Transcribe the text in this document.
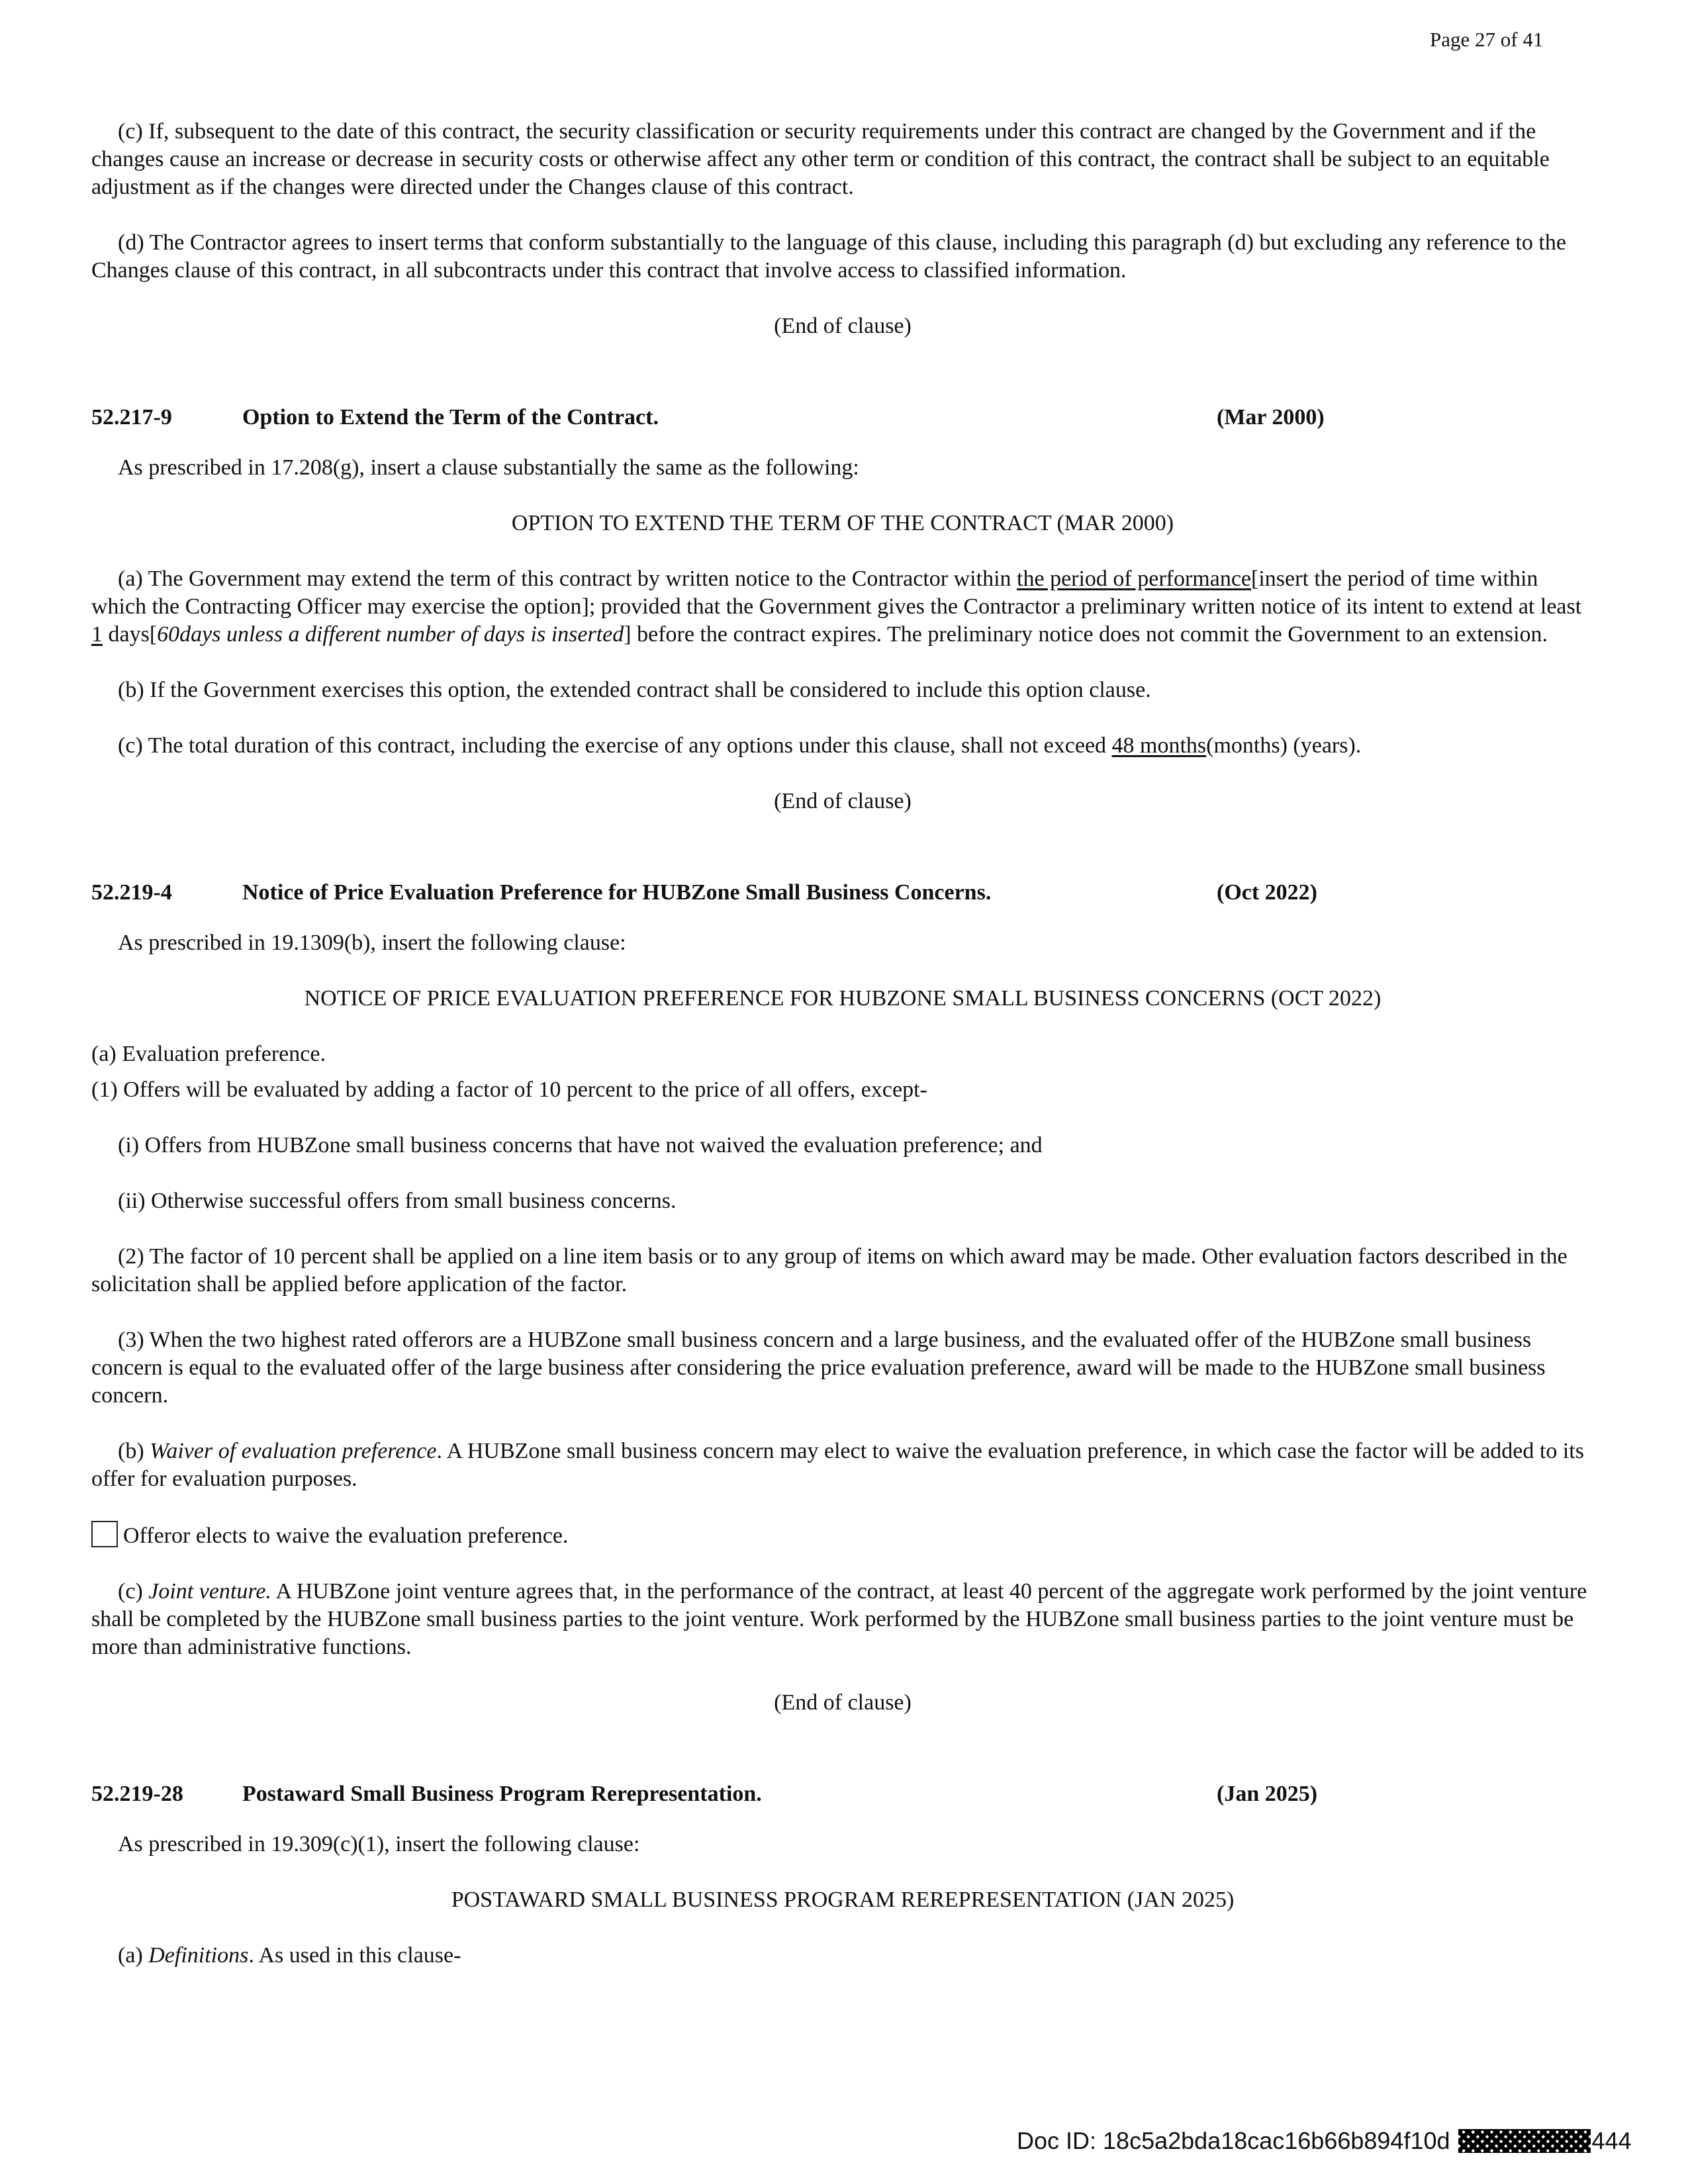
Page 27 of 41

(c) If, subsequent to the date of this contract, the security classification or security requirements under this contract are changed by the Government and if the changes cause an increase or decrease in security costs or otherwise affect any other term or condition of this contract, the contract shall be subject to an equitable adjustment as if the changes were directed under the Changes clause of this contract.

(d) The Contractor agrees to insert terms that conform substantially to the language of this clause, including this paragraph (d) but excluding any reference to the Changes clause of this contract, in all subcontracts under this contract that involve access to classified information.

(End of clause)

52.217-9	Option to Extend the Term of the Contract.	(Mar 2000)

As prescribed in 17.208(g), insert a clause substantially the same as the following:

OPTION TO EXTEND THE TERM OF THE CONTRACT (MAR 2000)

(a) The Government may extend the term of this contract by written notice to the Contractor within the period of performance[insert the period of time within which the Contracting Officer may exercise the option]; provided that the Government gives the Contractor a preliminary written notice of its intent to extend at least 1 days[60days unless a different number of days is inserted] before the contract expires. The preliminary notice does not commit the Government to an extension.

(b) If the Government exercises this option, the extended contract shall be considered to include this option clause.

(c) The total duration of this contract, including the exercise of any options under this clause, shall not exceed 48 months(months) (years).

(End of clause)

52.219-4	Notice of Price Evaluation Preference for HUBZone Small Business Concerns.	(Oct 2022)

As prescribed in 19.1309(b), insert the following clause:

NOTICE OF PRICE EVALUATION PREFERENCE FOR HUBZONE SMALL BUSINESS CONCERNS (OCT 2022)

(a) Evaluation preference.

(1) Offers will be evaluated by adding a factor of 10 percent to the price of all offers, except-

(i) Offers from HUBZone small business concerns that have not waived the evaluation preference; and

(ii) Otherwise successful offers from small business concerns.

(2) The factor of 10 percent shall be applied on a line item basis or to any group of items on which award may be made. Other evaluation factors described in the solicitation shall be applied before application of the factor.

(3) When the two highest rated offerors are a HUBZone small business concern and a large business, and the evaluated offer of the HUBZone small business concern is equal to the evaluated offer of the large business after considering the price evaluation preference, award will be made to the HUBZone small business concern.

(b) Waiver of evaluation preference. A HUBZone small business concern may elect to waive the evaluation preference, in which case the factor will be added to its offer for evaluation purposes.

Offeror elects to waive the evaluation preference.

(c) Joint venture. A HUBZone joint venture agrees that, in the performance of the contract, at least 40 percent of the aggregate work performed by the joint venture shall be completed by the HUBZone small business parties to the joint venture. Work performed by the HUBZone small business parties to the joint venture must be more than administrative functions.

(End of clause)

52.219-28	Postaward Small Business Program Rerepresentation.	(Jan 2025)

As prescribed in 19.309(c)(1), insert the following clause:

POSTAWARD SMALL BUSINESS PROGRAM REREPRESENTATION (JAN 2025)

(a) Definitions. As used in this clause-

Doc ID: 18c5a2bda18cac16b66b894f10d	444
